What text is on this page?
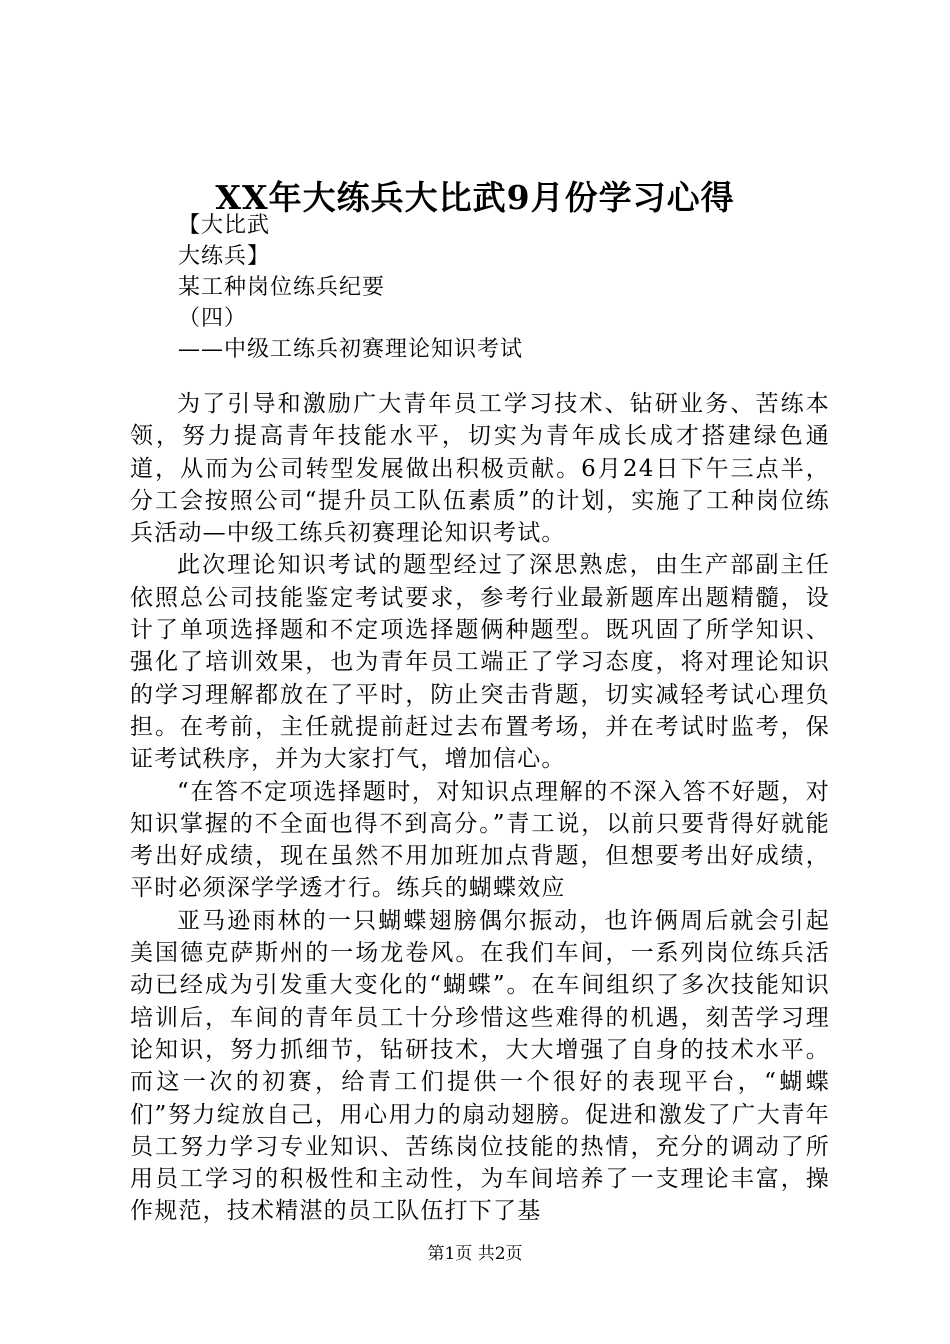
XX年大练兵大比武9月份学习心得
【大比武
大练兵】
某工种岗位练兵纪要
（四）
——中级工练兵初赛理论知识考试

为了引导和激励广大青年员工学习技术、钻研业务、苦练本领，努力提高青年技能水平，切实为青年成长成才搭建绿色通道，从而为公司转型发展做出积极贡献。6月24日下午三点半，分工会按照公司“提升员工队伍素质”的计划，实施了工种岗位练兵活动—中级工练兵初赛理论知识考试。

此次理论知识考试的题型经过了深思熟虑，由生产部副主任依照总公司技能鉴定考试要求，参考行业最新题库出题精髓，设计了单项选择题和不定项选择题俩种题型。既巩固了所学知识、强化了培训效果，也为青年员工端正了学习态度，将对理论知识的学习理解都放在了平时，防止突击背题，切实减轻考试心理负担。在考前，主任就提前赶过去布置考场，并在考试时监考，保证考试秩序，并为大家打气，增加信心。

“在答不定项选择题时，对知识点理解的不深入答不好题，对知识掌握的不全面也得不到高分。”青工说，以前只要背得好就能考出好成绩，现在虽然不用加班加点背题，但想要考出好成绩，平时必须深学学透才行。练兵的蝴蝶效应

亚马逊雨林的一只蝴蝶翅膀偶尔振动，也许俩周后就会引起美国德克萨斯州的一场龙卷风。在我们车间，一系列岗位练兵活动已经成为引发重大变化的“蝴蝶”。在车间组织了多次技能知识培训后，车间的青年员工十分珍惜这些难得的机遇，刻苦学习理论知识，努力抓细节，钻研技术，大大增强了自身的技术水平。而这一次的初赛，给青工们提供一个很好的表现平台，“蝴蝶们”努力绽放自己，用心用力的扇动翅膀。促进和激发了广大青年员工努力学习专业知识、苦练岗位技能的热情，充分的调动了所用员工学习的积极性和主动性，为车间培养了一支理论丰富，操作规范，技术精湛的员工队伍打下了基

第1页 共2页
